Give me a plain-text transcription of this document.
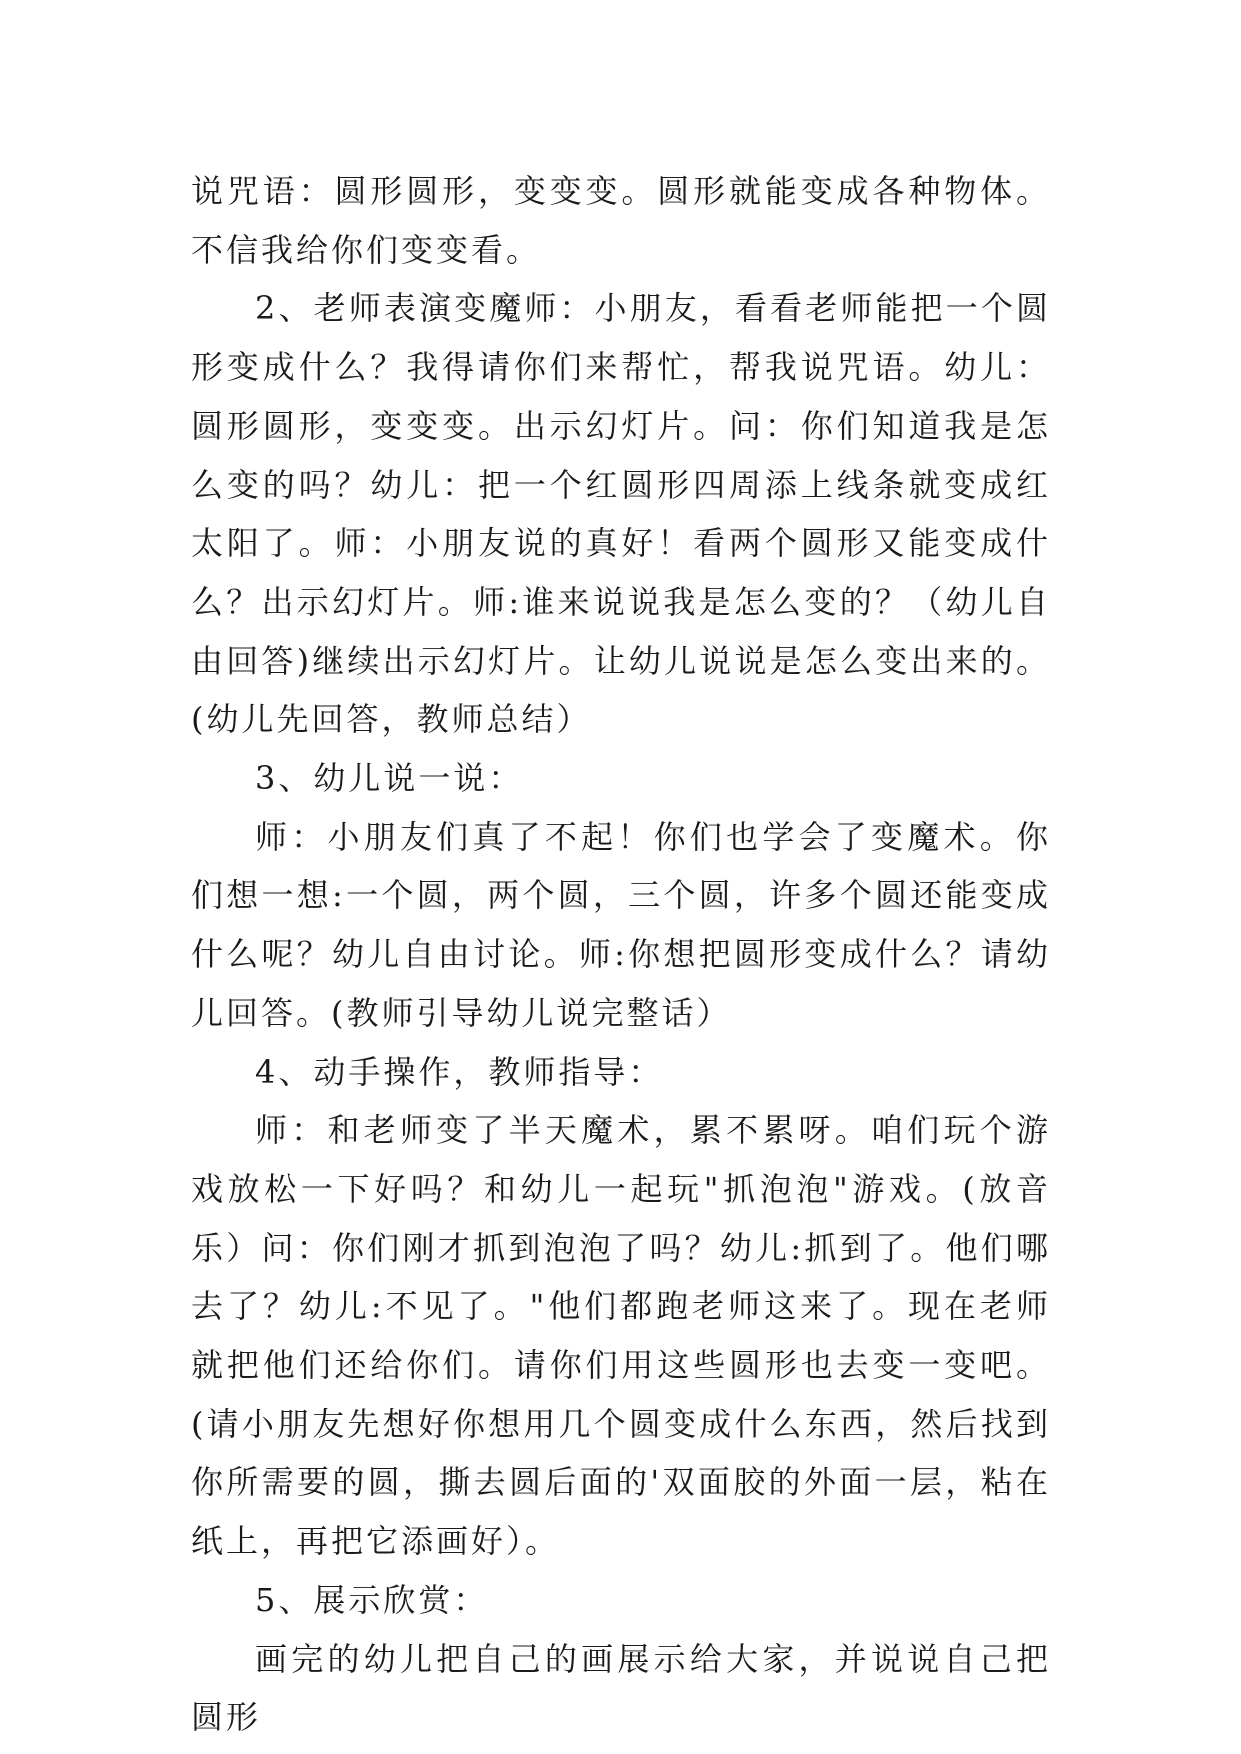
说咒语：圆形圆形，变变变。圆形就能变成各种物体。不信我给你们变变看。

2、老师表演变魔师：小朋友，看看老师能把一个圆形变成什么？我得请你们来帮忙，帮我说咒语。幼儿：圆形圆形，变变变。出示幻灯片。问：你们知道我是怎么变的吗？幼儿：把一个红圆形四周添上线条就变成红太阳了。师：小朋友说的真好！看两个圆形又能变成什么？出示幻灯片。师:谁来说说我是怎么变的？（幼儿自由回答)继续出示幻灯片。让幼儿说说是怎么变出来的。(幼儿先回答，教师总结）

3、幼儿说一说：

师：小朋友们真了不起！你们也学会了变魔术。你们想一想:一个圆，两个圆，三个圆，许多个圆还能变成什么呢？幼儿自由讨论。师:你想把圆形变成什么？请幼儿回答。(教师引导幼儿说完整话）

4、动手操作，教师指导：

师：和老师变了半天魔术，累不累呀。咱们玩个游戏放松一下好吗？和幼儿一起玩"抓泡泡"游戏。(放音乐）问：你们刚才抓到泡泡了吗？幼儿:抓到了。他们哪去了？幼儿:不见了。"他们都跑老师这来了。现在老师就把他们还给你们。请你们用这些圆形也去变一变吧。(请小朋友先想好你想用几个圆变成什么东西，然后找到你所需要的圆，撕去圆后面的'双面胶的外面一层，粘在纸上，再把它添画好）。

5、展示欣赏：

画完的幼儿把自己的画展示给大家，并说说自己把圆形
